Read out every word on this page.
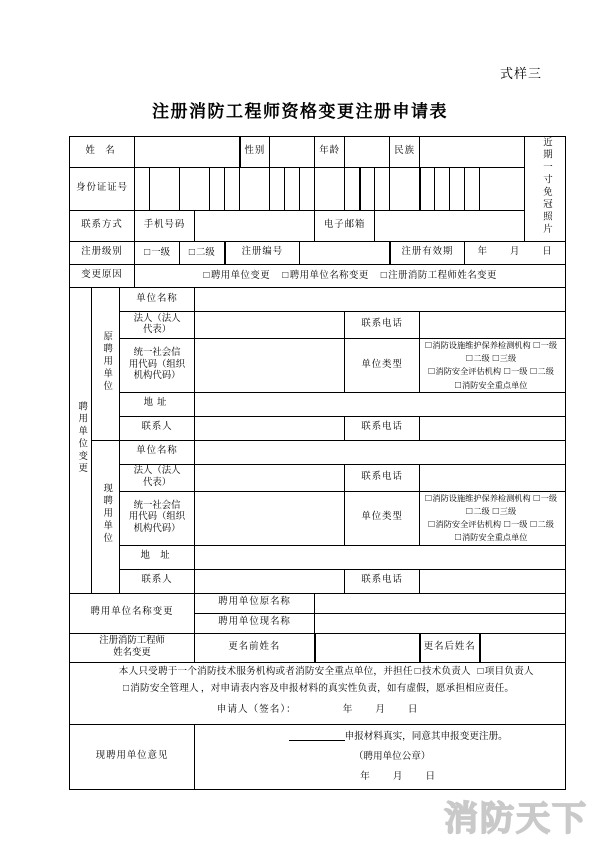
式样三
注册消防工程师资格变更注册申请表
姓 名									性别				年龄				民族						近期一寸免冠照片
身份证证号																							
联系方式			手机号码										电子邮箱										
注册级别			□ 一级		□ 二级			注册编号									注册有效期				年 月 日		
变更原因			□ 聘用单位变更 □ 聘用单位名称变更 □ 注册消防工程师姓名变更
聘用单位变更	原聘用单位	单位名称																					
		法人（法人
代表）												联系电话									
		统一社会信
用代码（组织
机构代码）												单位类型				□ 消防设施维护保养检测机构 □ 一级□ 二级 □ 三级
□ 消防安全评估机构 □ 一级 □ 二级
□ 消防安全重点单位
		地址																					
		联系人												联系电话									
	现聘用单位	单位名称																					
		法人（法人
代表）												联系电话									
		统一社会信
用代码（组织
机构代码）												单位类型				□ 消防设施维护保养检测机构 □ 一级□ 二级 □ 三级
□ 消防安全评估机构 □ 一级 □ 二级
□ 消防安全重点单位
		地 址																					
		联系人												联系电话									
聘用单位名称变更						聘用单位原名称																	
						聘用单位现名称																	
注册消防工程师
姓名变更						更名前姓名												更名后姓名					

本人只受聘于一个消防技术服务机构或者消防安全重点单位，并担任 □ 技术负责人 □ 项目负责人 □ 消防安全管理人 ，对申请表内容及申报材料的真实性负责，如有虚假，愿承担相应责任。

申请人（签名）： 年 月 日

现聘用单位意见						申报材料真实，同意其申报变更注册。
（聘用单位公章）
年 月 日																	
消防天下
